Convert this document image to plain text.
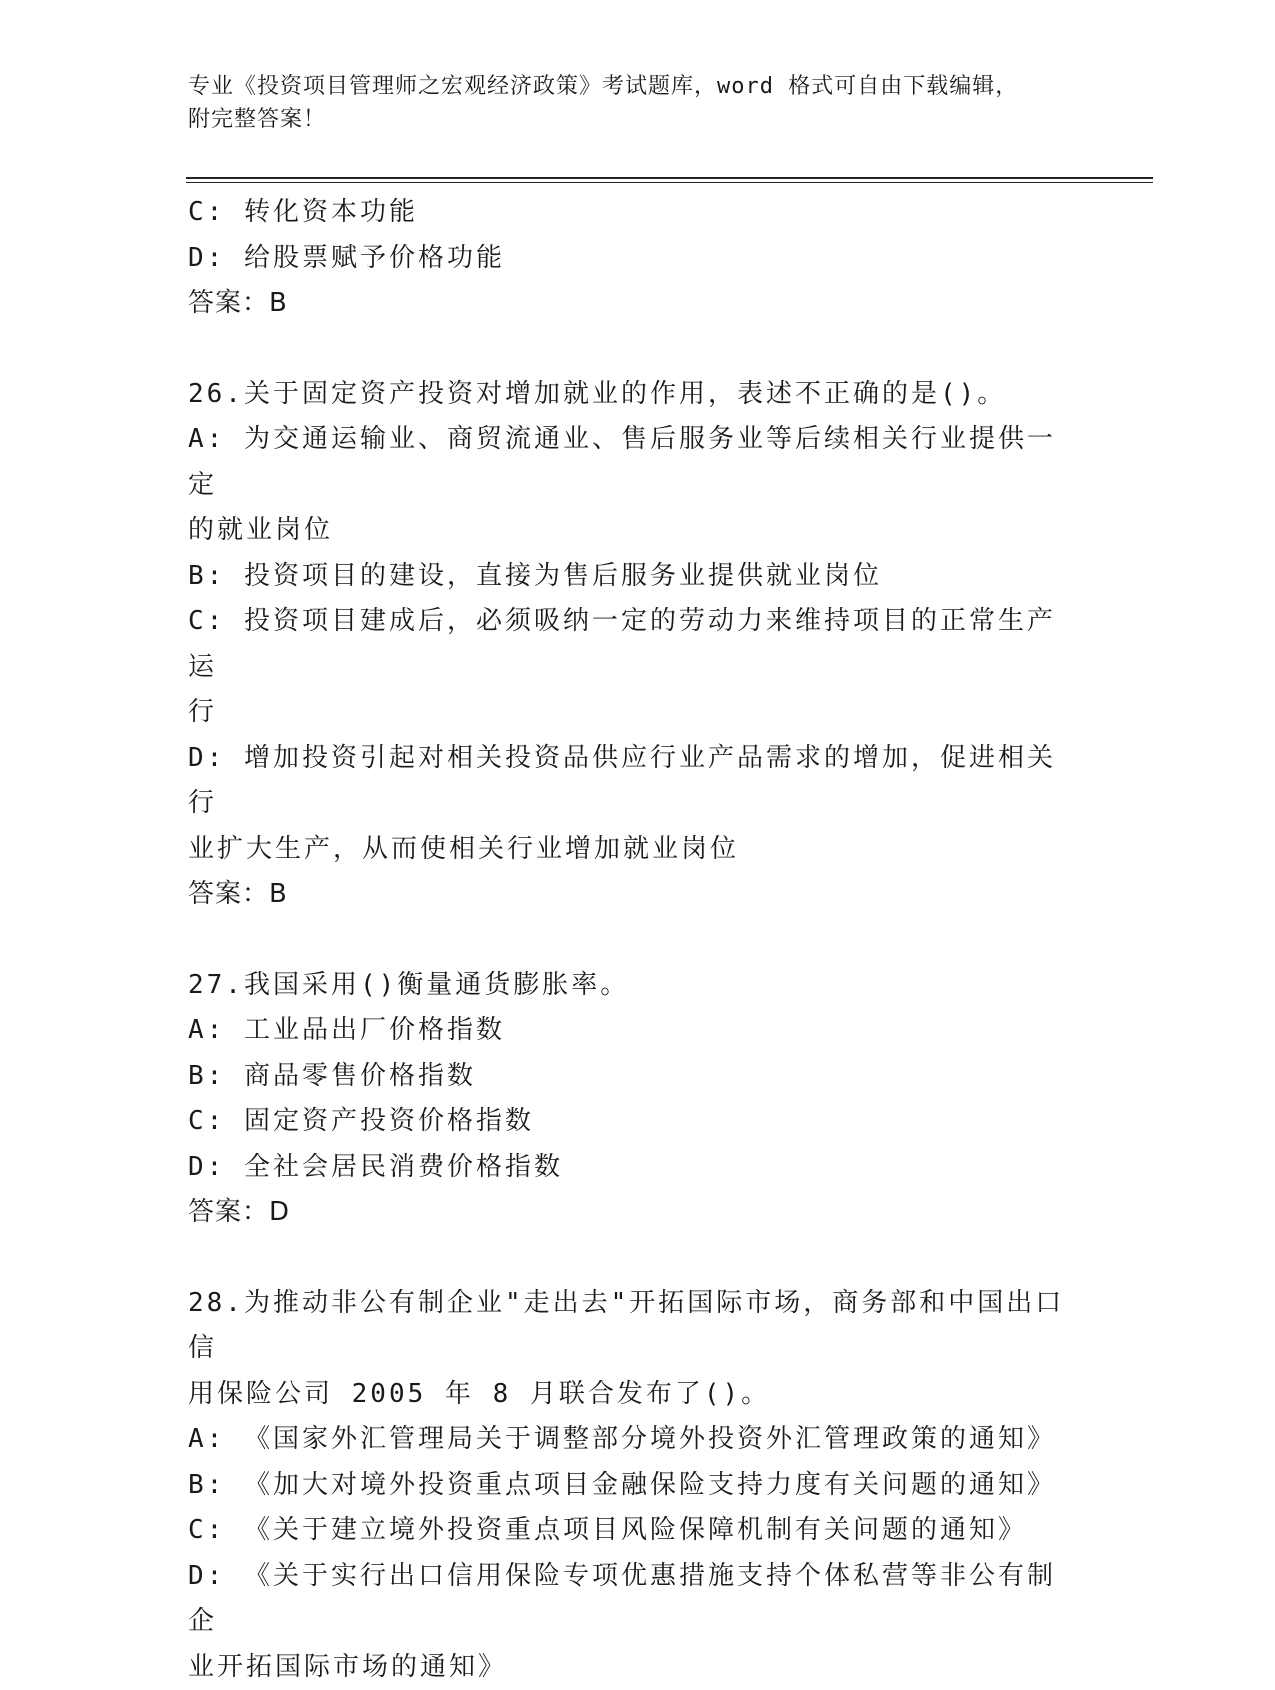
专业《投资项目管理师之宏观经济政策》考试题库，word 格式可自由下载编辑，
附完整答案！
C: 转化资本功能
D: 给股票赋予价格功能
答案：B
26.关于固定资产投资对增加就业的作用，表述不正确的是()。
A: 为交通运输业、商贸流通业、售后服务业等后续相关行业提供一定
的就业岗位
B: 投资项目的建设，直接为售后服务业提供就业岗位
C: 投资项目建成后，必须吸纳一定的劳动力来维持项目的正常生产运
行
D: 增加投资引起对相关投资品供应行业产品需求的增加，促进相关行
业扩大生产，从而使相关行业增加就业岗位
答案：B
27.我国采用()衡量通货膨胀率。
A: 工业品出厂价格指数
B: 商品零售价格指数
C: 固定资产投资价格指数
D: 全社会居民消费价格指数
答案：D
28.为推动非公有制企业"走出去"开拓国际市场，商务部和中国出口信
用保险公司 2005 年 8 月联合发布了()。
A: 《国家外汇管理局关于调整部分境外投资外汇管理政策的通知》
B: 《加大对境外投资重点项目金融保险支持力度有关问题的通知》
C: 《关于建立境外投资重点项目风险保障机制有关问题的通知》
D: 《关于实行出口信用保险专项优惠措施支持个体私营等非公有制企
业开拓国际市场的通知》
